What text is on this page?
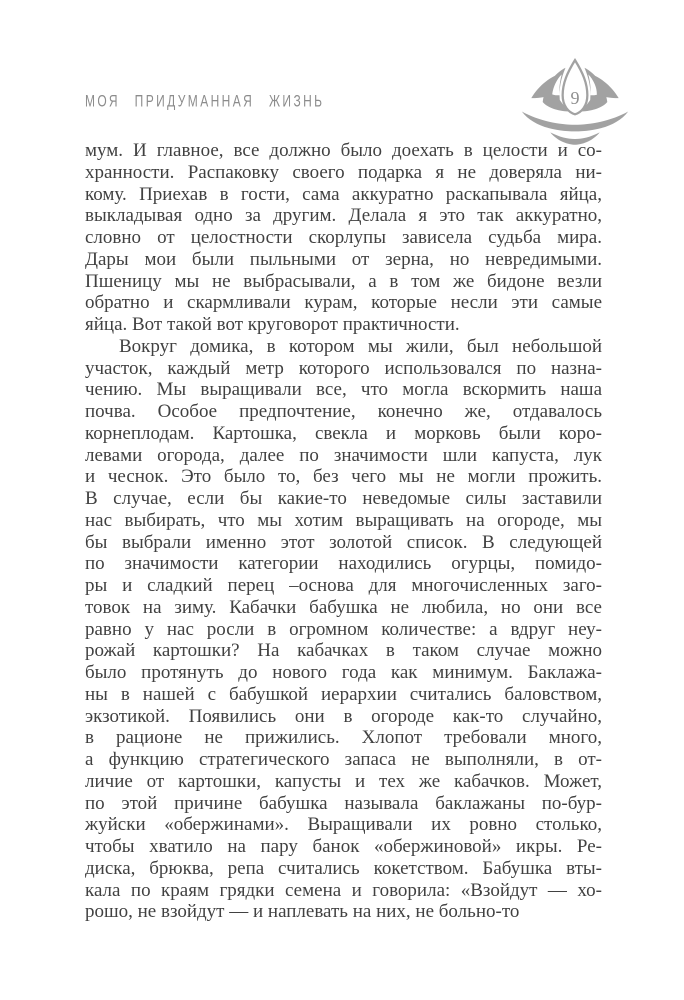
МОЯ ПРИДУМАННАЯ ЖИЗНЬ	9
мум. И главное, все должно было доехать в целости и со-
хранности. Распаковку своего подарка я не доверяла ни-
кому. Приехав в гости, сама аккуратно раскапывала яйца,
выкладывая одно за другим. Делала я это так аккуратно,
словно от целостности скорлупы зависела судьба мира.
Дары мои были пыльными от зерна, но невредимыми.
Пшеницу мы не выбрасывали, а в том же бидоне везли
обратно и скармливали курам, которые несли эти самые
яйца. Вот такой вот круговорот практичности.
Вокруг домика, в котором мы жили, был небольшой
участок, каждый метр которого использовался по назна-
чению. Мы выращивали все, что могла вскормить наша
почва. Особое предпочтение, конечно же, отдавалось
корнеплодам. Картошка, свекла и морковь были коро-
левами огорода, далее по значимости шли капуста, лук
и чеснок. Это было то, без чего мы не могли прожить.
В случае, если бы какие-то неведомые силы заставили
нас выбирать, что мы хотим выращивать на огороде, мы
бы выбрали именно этот золотой список. В следующей
по значимости категории находились огурцы, помидо-
ры и сладкий перец –основа для многочисленных заго-
товок на зиму. Кабачки бабушка не любила, но они все
равно у нас росли в огромном количестве: а вдруг неу-
рожай картошки? На кабачках в таком случае можно
было протянуть до нового года как минимум. Баклажа-
ны в нашей с бабушкой иерархии считались баловством,
экзотикой. Появились они в огороде как-то случайно,
в рационе не прижились. Хлопот требовали много,
а функцию стратегического запаса не выполняли, в от-
личие от картошки, капусты и тех же кабачков. Может,
по этой причине бабушка называла баклажаны по-бур-
жуйски «обержинами». Выращивали их ровно столько,
чтобы хватило на пару банок «обержиновой» икры. Ре-
диска, брюква, репа считались кокетством. Бабушка вты-
кала по краям грядки семена и говорила: «Взойдут — хо-
рошо, не взойдут — и наплевать на них, не больно-то
